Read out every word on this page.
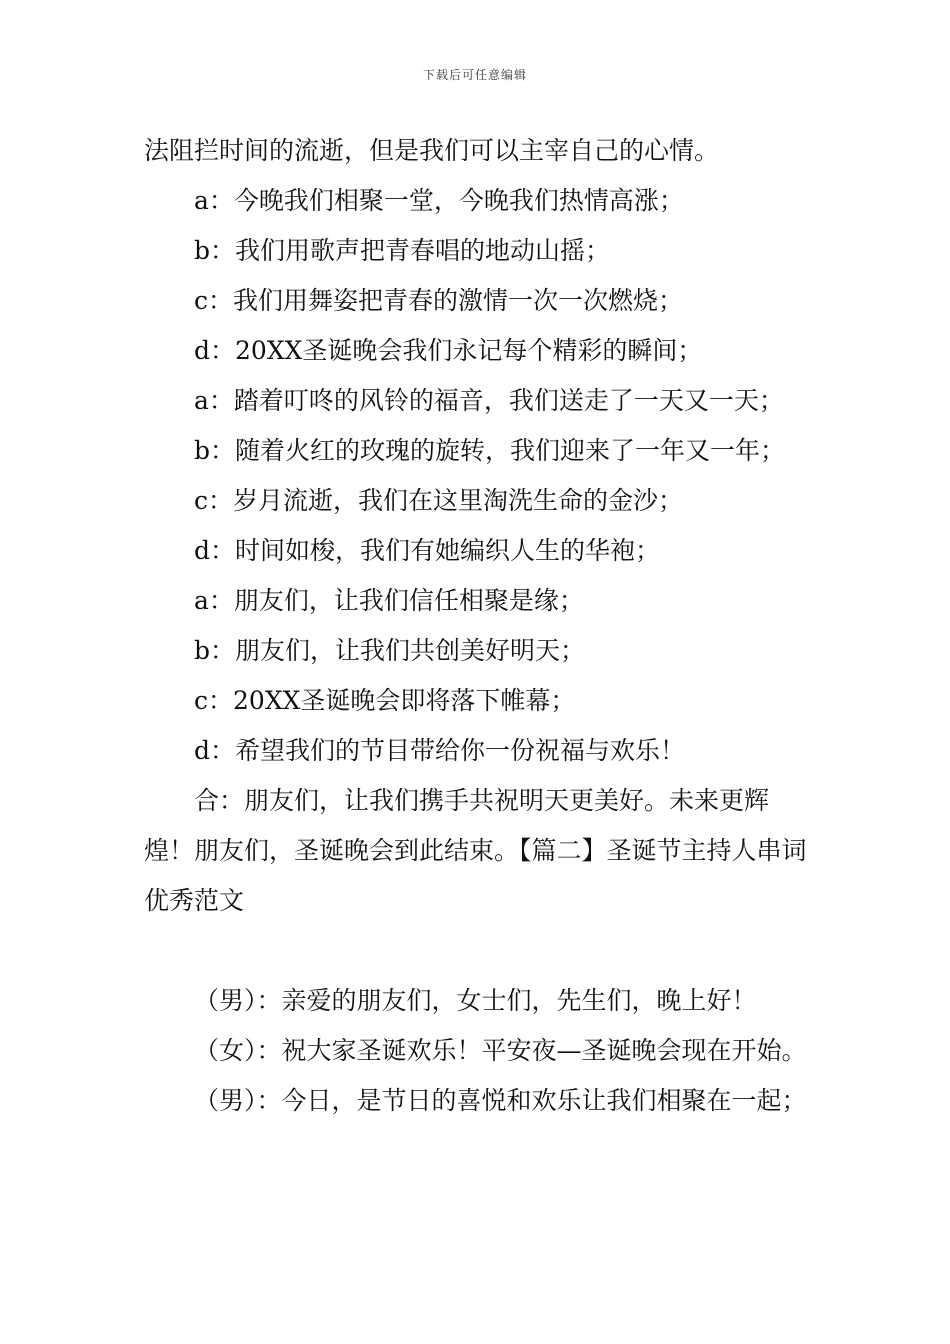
下载后可任意编辑
法阻拦时间的流逝，但是我们可以主宰自己的心情。
a：今晚我们相聚一堂，今晚我们热情高涨；
b：我们用歌声把青春唱的地动山摇；
c：我们用舞姿把青春的激情一次一次燃烧；
d：20XX圣诞晚会我们永记每个精彩的瞬间；
a：踏着叮咚的风铃的福音，我们送走了一天又一天；
b：随着火红的玫瑰的旋转，我们迎来了一年又一年；
c：岁月流逝，我们在这里淘洗生命的金沙；
d：时间如梭，我们有她编织人生的华袍；
a：朋友们，让我们信任相聚是缘；
b：朋友们，让我们共创美好明天；
c：20XX圣诞晚会即将落下帷幕；
d：希望我们的节目带给你一份祝福与欢乐！
合：朋友们，让我们携手共祝明天更美好。未来更辉煌！朋友们，圣诞晚会到此结束。【篇二】圣诞节主持人串词优秀范文
（男）：亲爱的朋友们，女士们，先生们，晚上好！
（女）：祝大家圣诞欢乐！平安夜—圣诞晚会现在开始。
（男）：今日，是节日的喜悦和欢乐让我们相聚在一起；
